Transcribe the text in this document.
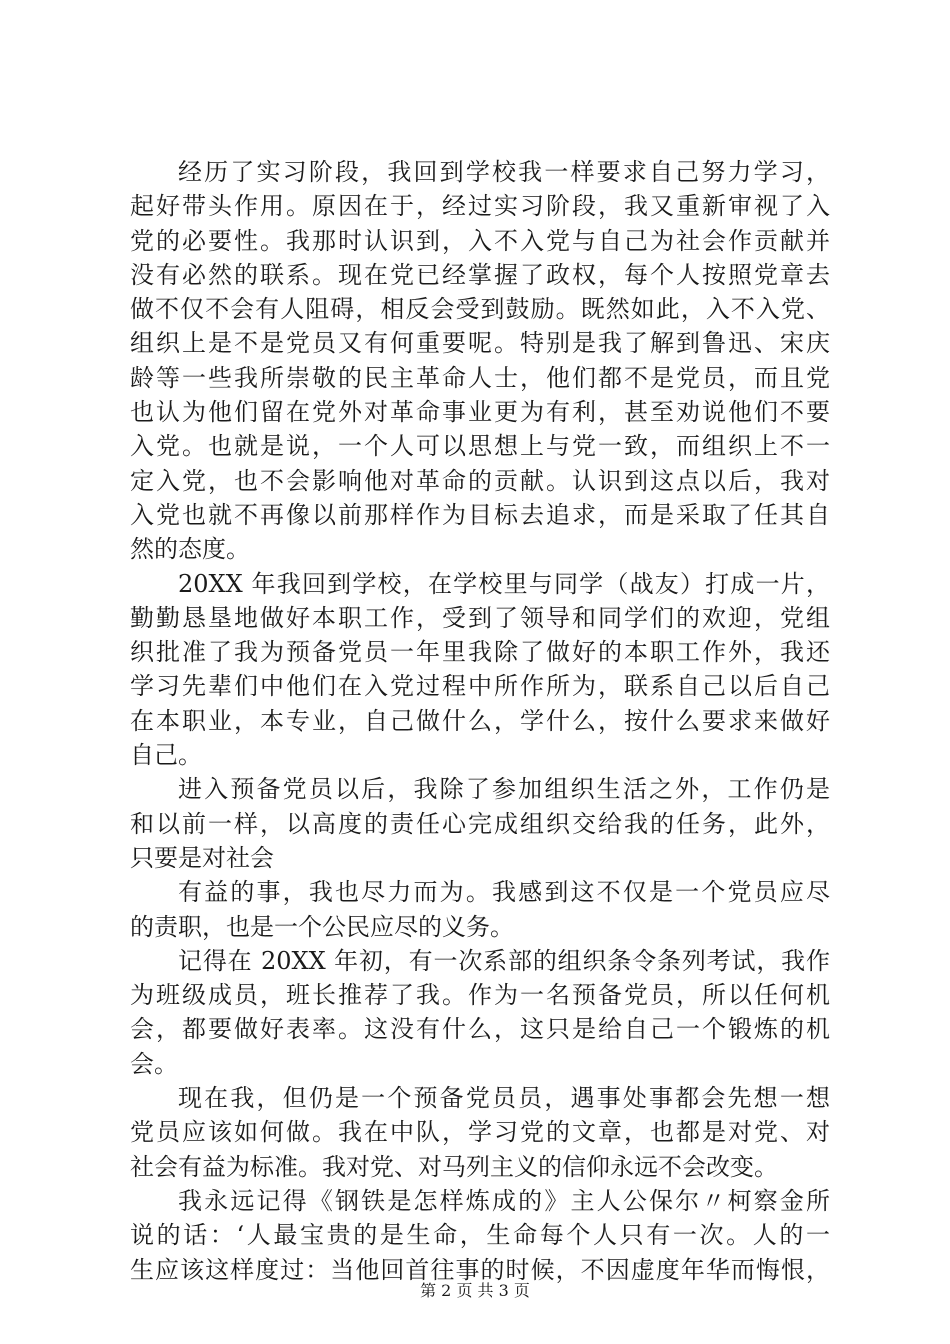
经历了实习阶段，我回到学校我一样要求自己努力学习，
起好带头作用。原因在于，经过实习阶段，我又重新审视了入
党的必要性。我那时认识到，入不入党与自己为社会作贡献并
没有必然的联系。现在党已经掌握了政权，每个人按照党章去
做不仅不会有人阻碍，相反会受到鼓励。既然如此，入不入党、
组织上是不是党员又有何重要呢。特别是我了解到鲁迅、宋庆
龄等一些我所崇敬的民主革命人士，他们都不是党员，而且党
也认为他们留在党外对革命事业更为有利，甚至劝说他们不要
入党。也就是说，一个人可以思想上与党一致，而组织上不一
定入党，也不会影响他对革命的贡献。认识到这点以后，我对
入党也就不再像以前那样作为目标去追求，而是采取了任其自
然的态度。
20XX 年我回到学校，在学校里与同学（战友）打成一片，
勤勤恳垦地做好本职工作，受到了领导和同学们的欢迎，党组
织批准了我为预备党员一年里我除了做好的本职工作外，我还
学习先辈们中他们在入党过程中所作所为，联系自己以后自己
在本职业，本专业，自己做什么，学什么，按什么要求来做好
自己。
进入预备党员以后，我除了参加组织生活之外，工作仍是
和以前一样，以高度的责任心完成组织交给我的任务，此外，
只要是对社会
有益的事，我也尽力而为。我感到这不仅是一个党员应尽
的责职，也是一个公民应尽的义务。
记得在 20XX 年初，有一次系部的组织条令条列考试，我作
为班级成员，班长推荐了我。作为一名预备党员，所以任何机
会，都要做好表率。这没有什么，这只是给自己一个锻炼的机
会。
现在我，但仍是一个预备党员员，遇事处事都会先想一想
党员应该如何做。我在中队，学习党的文章，也都是对党、对
社会有益为标准。我对党、对马列主义的信仰永远不会改变。
我永远记得《钢铁是怎样炼成的》主人公保尔〃柯察金所
说的话：‘人最宝贵的是生命，生命每个人只有一次。人的一
生应该这样度过：当他回首往事的时候，不因虚度年华而悔恨，
第 2 页 共 3 页
